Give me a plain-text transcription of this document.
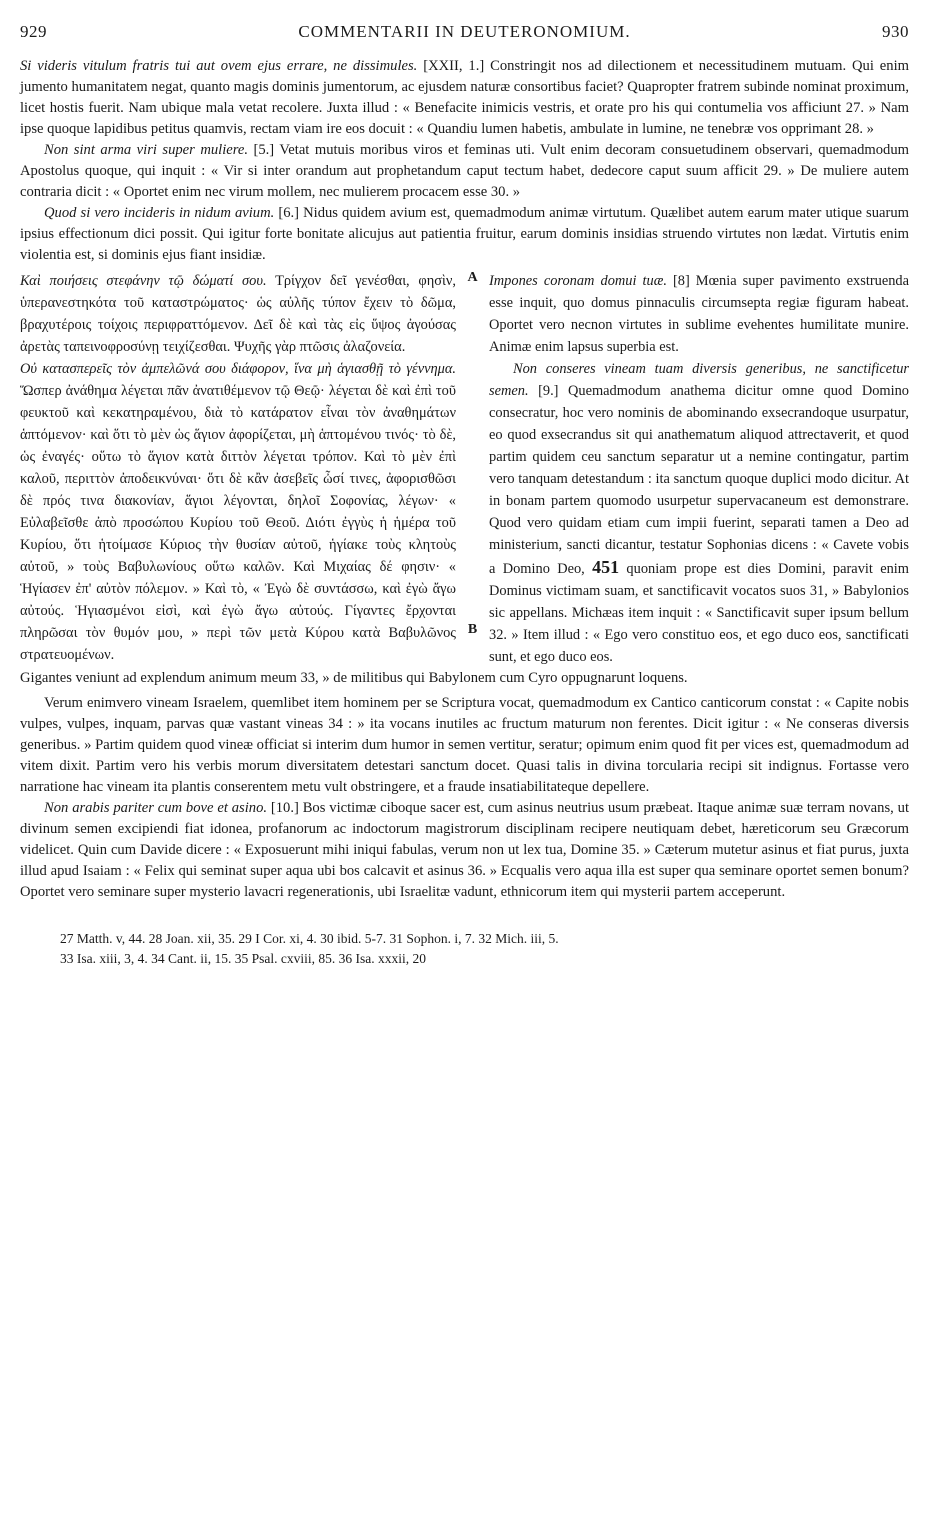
929	COMMENTARII IN DEUTERONOMIUM.	930

Si videris vitulum fratris tui aut ovem ejus errare, ne dissimules. [XXII, 1.] Constringit nos ad dilectionem et necessitudinem mutuam. Qui enim jumento humanitatem negat, quanto magis dominis jumentorum, ac ejusdem naturæ consortibus faciet? Quapropter fratrem subinde nominat proximum, licet hostis fuerit. Nam ubique mala vetat recolere. Juxta illud : « Benefacite inimicis vestris, et orate pro his qui contumelia vos afficiunt 27. » Nam ipse quoque lapidibus petitus quamvis, rectam viam ire eos docuit : « Quandiu lumen habetis, ambulate in lumine, ne tenebræ vos opprimant 28. »

Non sint arma viri super muliere. [5.] Vetat mutuis moribus viros et feminas uti. Vult enim decoram consuetudinem observari, quemadmodum Apostolus quoque, qui inquit : « Vir si inter orandum aut prophetandum caput tectum habet, dedecore caput suum afficit 29. » De muliere autem contraria dicit : « Oportet enim nec virum mollem, nec mulierem procacem esse 30. »

Quod si vero incideris in nidum avium. [6.] Nidus quidem avium est, quemadmodum animæ virtutum. Quælibet autem earum mater utique suarum ipsius effectionum dici possit. Qui igitur forte bonitate alicujus aut patientia fruitur, earum dominis insidias struendo virtutes non lædat. Virtutis enim violentia est, si dominis ejus fiant insidiæ.

Καὶ ποιήσεις στεφάνην τῷ δώματί σου. Τρίγχον δεῖ γενέσθαι, φησὶν, ὑπερανεστηκότα τοῦ καταστρώματος· ὡς αὐλῆς τύπον ἔχειν τὸ δῶμα, βραχυτέροις τοίχοις περιφραττόμενον. Δεῖ δὲ καὶ τὰς εἰς ὕψος ἀγούσας ἀρετὰς ταπεινοφροσύνῃ τειχίζεσθαι. Ψυχῆς γὰρ πτῶσις ἀλαζονεία.

Οὐ κατασπερεῖς τὸν ἀμπελῶνά σου διάφορον, ἵνα μὴ ἁγιασθῇ τὸ γέννημα. Ὥσπερ ἀνάθημα λέγεται πᾶν ἀνατιθέμενον τῷ Θεῷ· λέγεται δὲ καὶ ἐπὶ τοῦ φευκτοῦ καὶ κεκατηραμένου, διὰ τὸ κατάρατον εἶναι τὸν ἀναθημάτων ἁπτόμενον· καὶ ὅτι τὸ μὲν ὡς ἅγιον ἀφορίζεται, μὴ ἁπτομένου τινός· τὸ δὲ, ὡς ἐναγές· οὕτω τὸ ἅγιον κατὰ διττὸν λέγεται τρόπον. Καὶ τὸ μὲν ἐπὶ καλοῦ, περιττὸν ἀποδεικνύναι· ὅτι δὲ κἂν ἀσεβεῖς ὦσί τινες, ἀφορισθῶσι δὲ πρός τινα διακονίαν, ἅγιοι λέγονται, δηλοῖ Σοφονίας, λέγων· « Εὐλαβεῖσθε ἀπὸ προσώπου Κυρίου τοῦ Θεοῦ. Διότι ἐγγὺς ἡ ἡμέρα τοῦ Κυρίου, ὅτι ἡτοίμασε Κύριος τὴν θυσίαν αὐτοῦ, ἡγίακε τοὺς κλητοὺς αὐτοῦ, » τοὺς Βαβυλωνίους οὕτω καλῶν. Καὶ Μιχαίας δέ φησιν· « Ἡγίασεν ἐπ' αὐτὸν πόλεμον. » Καὶ τὸ, « Ἐγὼ δὲ συντάσσω, καὶ ἐγὼ ἄγω αὐτούς. Ἡγιασμένοι εἰσὶ, καὶ ἐγὼ ἄγω αὐτούς. Γίγαντες ἔρχονται πληρῶσαι τὸν θυμόν μου, » περὶ τῶν μετὰ Κύρου κατὰ Βαβυλῶνος στρατευομένων.

A
B

Impones coronam domui tuæ. [8] Mœnia super pavimento exstruenda esse inquit, quo domus pinnaculis circumsepta regiæ figuram habeat. Oportet vero necnon virtutes in sublime evehentes humilitate munire. Animæ enim lapsus superbia est.

Non conseres vineam tuam diversis generibus, ne sanctificetur semen. [9.] Quemadmodum anathema dicitur omne quod Domino consecratur, hoc vero nominis de abominando exsecrandoque usurpatur, eo quod exsecrandus sit qui anathematum aliquod attrectaverit, et quod partim quidem ceu sanctum separatur ut a nemine contingatur, partim vero tanquam detestandum : ita sanctum quoque duplici modo dicitur. At in bonam partem quomodo usurpetur supervacaneum est demonstrare. Quod vero quidam etiam cum impii fuerint, separati tamen a Deo ad ministerium, sancti dicantur, testatur Sophonias dicens : « Cavete vobis a Domino Deo, 451 quoniam prope est dies Domini, paravit enim Dominus victimam suam, et sanctificavit vocatos suos 31, » Babylonios sic appellans. Michæas item inquit : « Sanctificavit super ipsum bellum 32. » Item illud : « Ego vero constituo eos, et ego duco eos, sanctificati sunt, et ego duco eos.

Gigantes veniunt ad explendum animum meum 33, » de militibus qui Babylonem cum Cyro oppugnarunt loquens.

Verum enimvero vineam Israelem, quemlibet item hominem per se Scriptura vocat, quemadmodum ex Cantico canticorum constat : « Capite nobis vulpes, vulpes, inquam, parvas quæ vastant vineas 34 : » ita vocans inutiles ac fructum maturum non ferentes. Dicit igitur : « Ne conseras diversis generibus. » Partim quidem quod vineæ officiat si interim dum humor in semen vertitur, seratur; opimum enim quod fit per vices est, quemadmodum ad vitem dixit. Partim vero his verbis morum diversitatem detestari sanctum docet. Quasi talis in divina torcularia recipi sit indignus. Fortasse vero narratione hac vineam ita plantis conserentem metu vult obstringere, et a fraude insatiabilitateque depellere.

Non arabis pariter cum bove et asino. [10.] Bos victimæ ciboque sacer est, cum asinus neutrius usum præbeat. Itaque animæ suæ terram novans, ut divinum semen excipiendi fiat idonea, profanorum ac indoctorum magistrorum disciplinam recipere neutiquam debet, hæreticorum seu Græcorum videlicet. Quin cum Davide dicere : « Exposuerunt mihi iniqui fabulas, verum non ut lex tua, Domine 35. » Cæterum mutetur asinus et fiat purus, juxta illud apud Isaiam : « Felix qui seminat super aqua ubi bos calcavit et asinus 36. » Ecqualis vero aqua illa est super qua seminare oportet semen bonum? Oportet vero seminare super mysterio lavacri regenerationis, ubi Israelitæ vadunt, ethnicorum item qui mysterii partem acceperunt.

27 Matth. v, 44. 28 Joan. xii, 35. 29 I Cor. xi, 4. 30 ibid. 5-7. 31 Sophon. i, 7. 32 Mich. iii, 5.

33 Isa. xiii, 3, 4. 34 Cant. ii, 15. 35 Psal. cxviii, 85. 36 Isa. xxxii, 20
